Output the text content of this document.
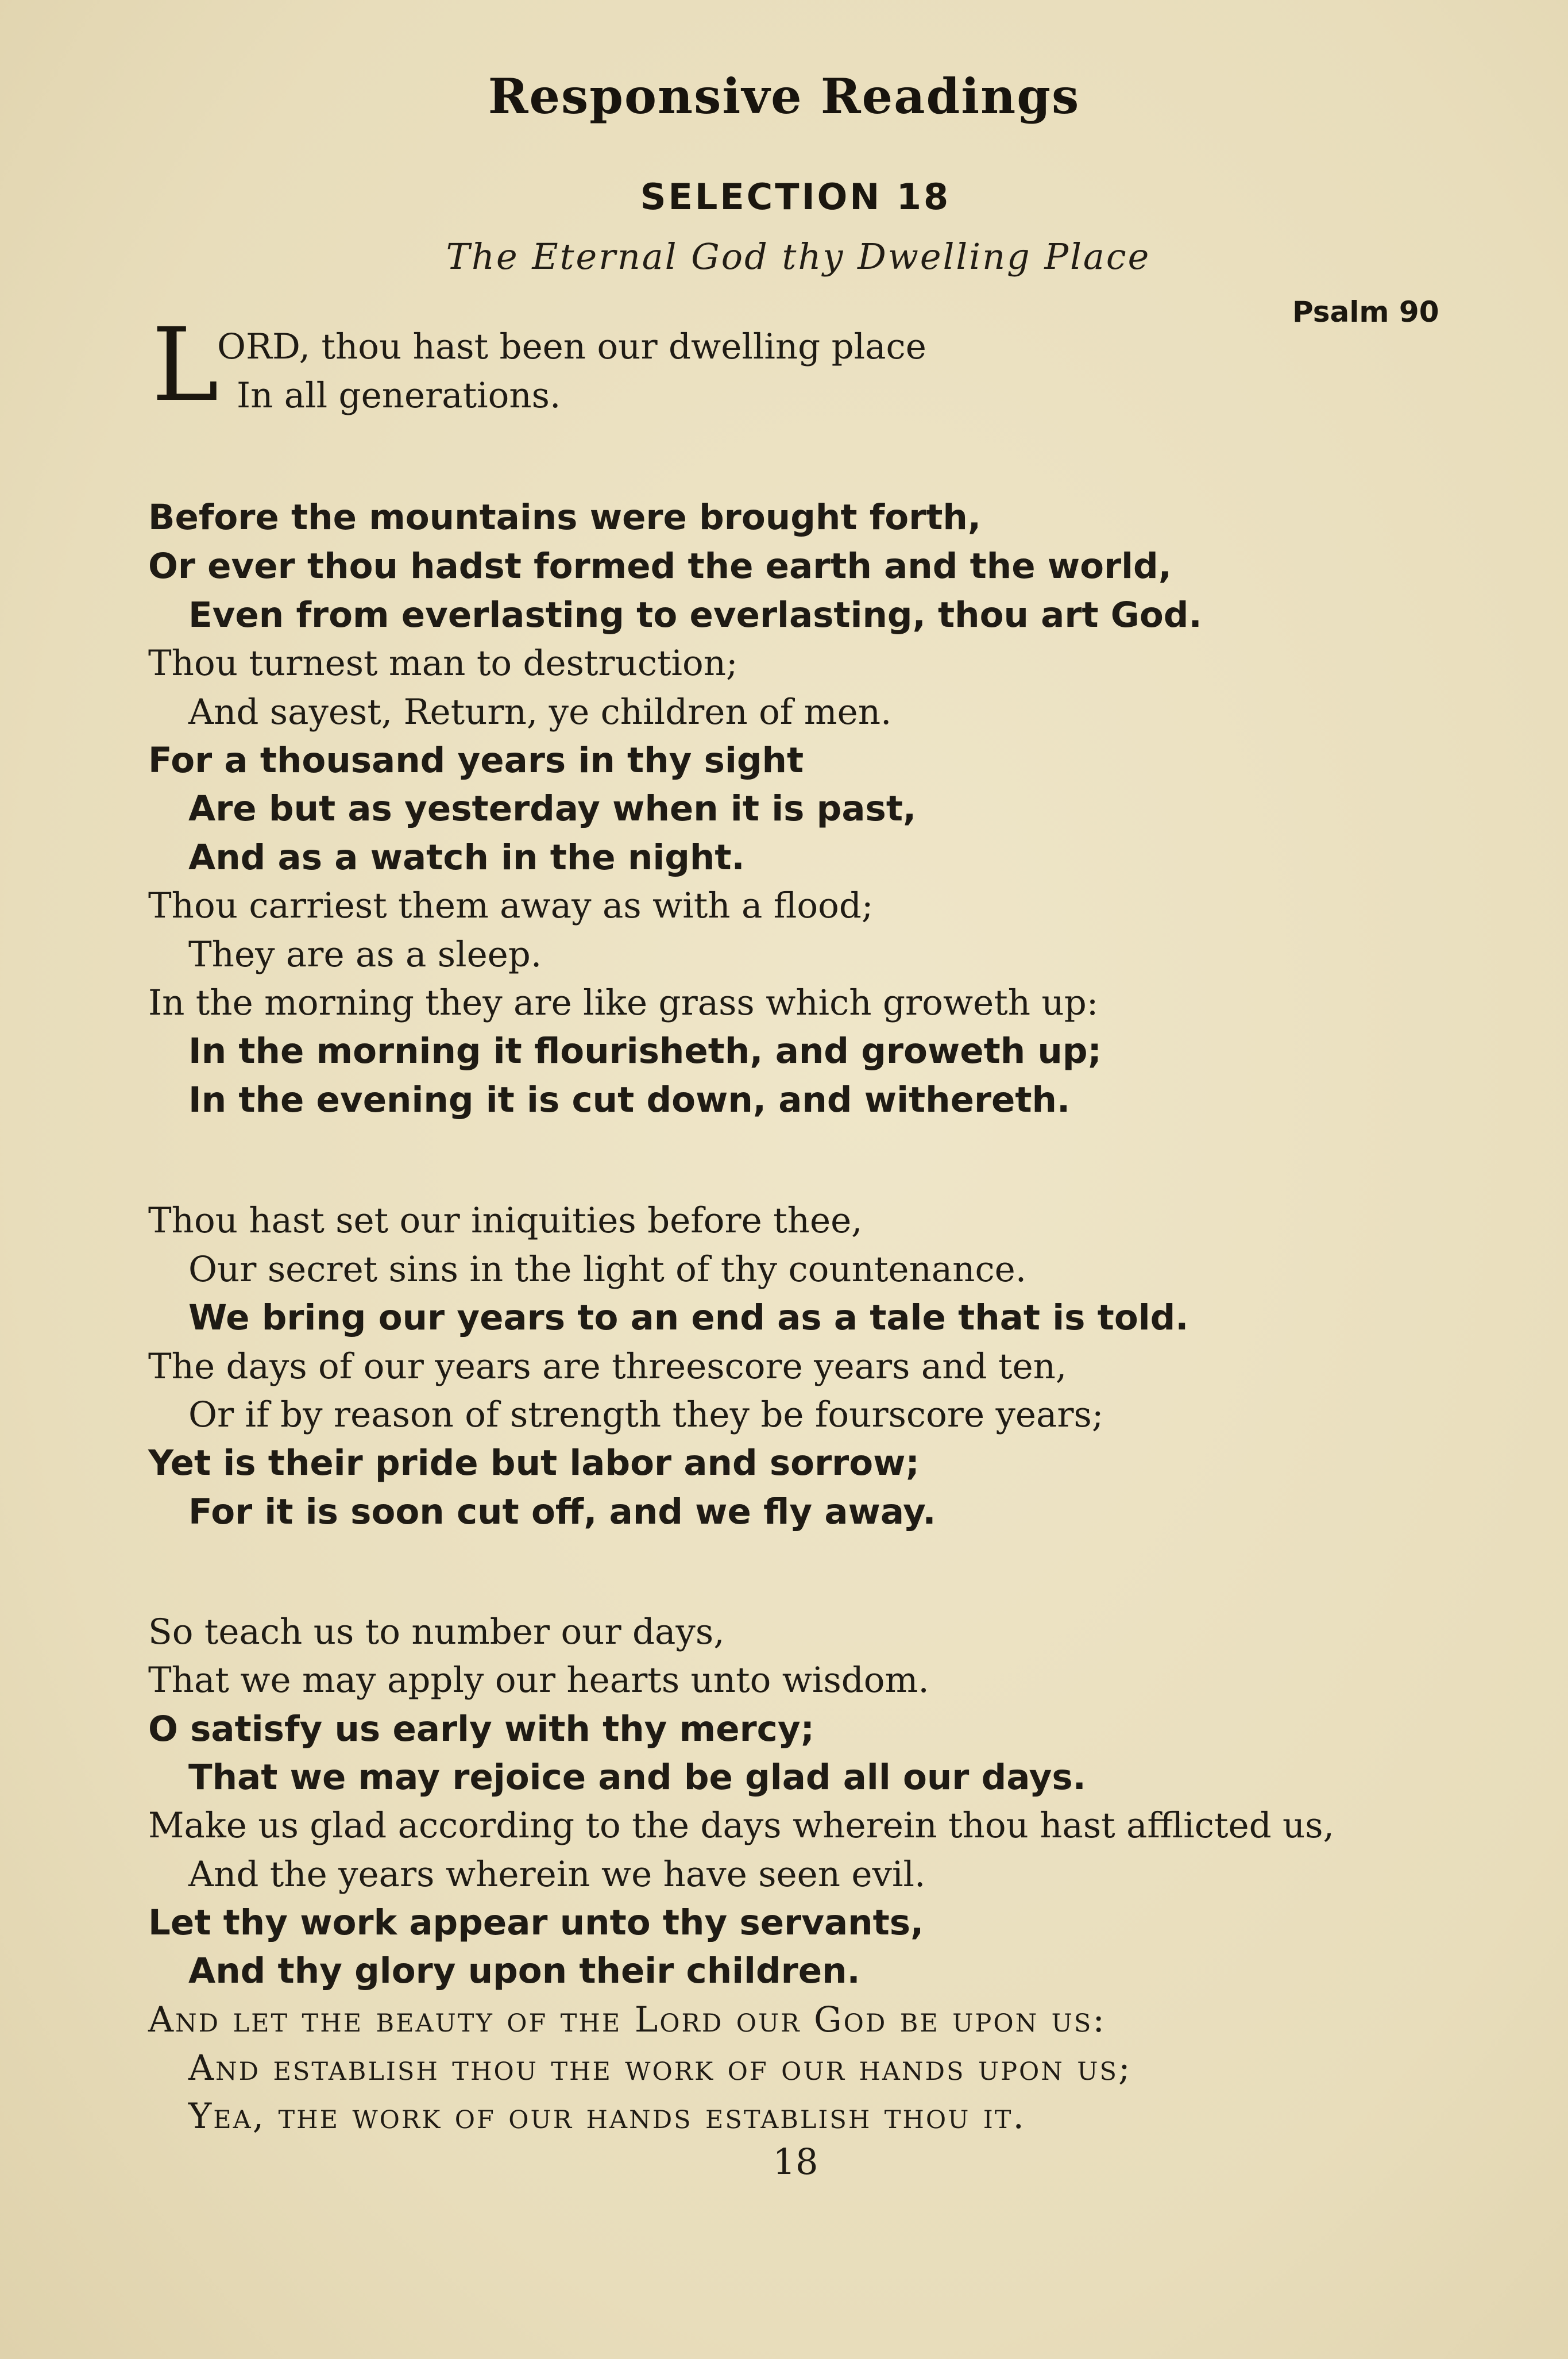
Responsive Readings
SELECTION 18
The Eternal God thy Dwelling Place
Psalm 90
L
ORD, thou hast been our dwelling place
In all generations.
Before the mountains were brought forth,
Or ever thou hadst formed the earth and the world,
Even from everlasting to everlasting, thou art God.
Thou turnest man to destruction;
And sayest, Return, ye children of men.
For a thousand years in thy sight
Are but as yesterday when it is past,
And as a watch in the night.
Thou carriest them away as with a flood;
They are as a sleep.
In the morning they are like grass which groweth up:
In the morning it flourisheth, and groweth up;
In the evening it is cut down, and withereth.
Thou hast set our iniquities before thee,
Our secret sins in the light of thy countenance.
We bring our years to an end as a tale that is told.
The days of our years are threescore years and ten,
Or if by reason of strength they be fourscore years;
Yet is their pride but labor and sorrow;
For it is soon cut off, and we fly away.
So teach us to number our days,
That we may apply our hearts unto wisdom.
O satisfy us early with thy mercy;
That we may rejoice and be glad all our days.
Make us glad according to the days wherein thou hast afflicted us,
And the years wherein we have seen evil.
Let thy work appear unto thy servants,
And thy glory upon their children.
And let the beauty of the Lord our God be upon us:
And establish thou the work of our hands upon us;
Yea, the work of our hands establish thou it.
18
